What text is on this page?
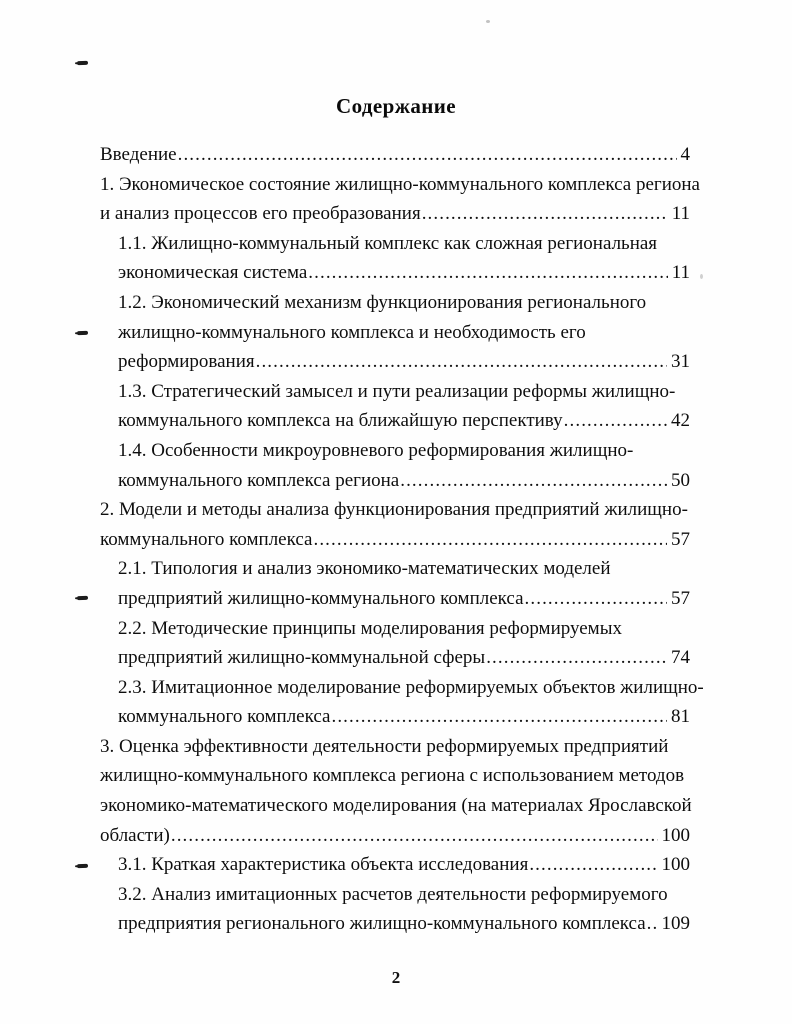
Содержание
Введение .....	4
1. Экономическое состояние жилищно-коммунального комплекса региона
и анализ процессов его преобразования .....	11
1.1. Жилищно-коммунальный комплекс как сложная региональная
экономическая система .....	11
1.2. Экономический механизм функционирования регионального
жилищно-коммунального комплекса и необходимость его
реформирования .....	31
1.3. Стратегический замысел и пути реализации реформы жилищно-
коммунального комплекса на ближайшую перспективу .....	42
1.4. Особенности микроуровневого реформирования жилищно-
коммунального комплекса региона .....	50
2. Модели и методы анализа функционирования предприятий жилищно-
коммунального комплекса .....	57
2.1. Типология и анализ экономико-математических моделей
предприятий жилищно-коммунального комплекса .....	57
2.2. Методические принципы моделирования реформируемых
предприятий жилищно-коммунальной сферы .....	74
2.3. Имитационное моделирование реформируемых объектов жилищно-
коммунального комплекса .....	81
3. Оценка эффективности деятельности реформируемых предприятий
жилищно-коммунального комплекса региона с использованием методов
экономико-математического моделирования (на материалах Ярославской
области) .....	100
3.1. Краткая характеристика объекта исследования .....	100
3.2. Анализ имитационных расчетов деятельности реформируемого
предприятия регионального жилищно-коммунального комплекса ..... 109
2
